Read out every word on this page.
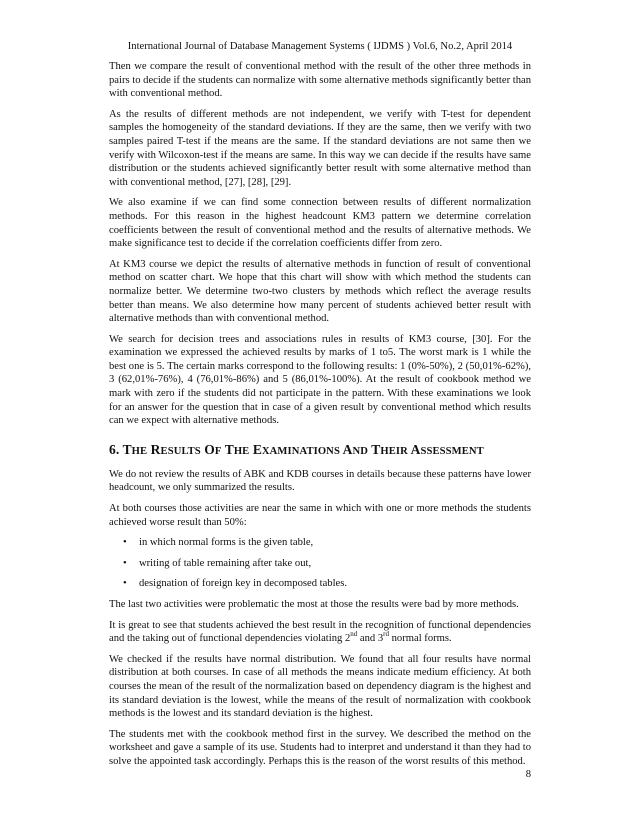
International Journal of Database Management Systems ( IJDMS ) Vol.6, No.2, April 2014

Then we compare the result of conventional method with the result of the other three methods in pairs to decide if the students can normalize with some alternative methods significantly better than with conventional method.

As the results of different methods are not independent, we verify with T-test for dependent samples the homogeneity of the standard deviations. If they are the same, then we verify with two samples paired T-test if the means are the same. If the standard deviations are not same then we verify with Wilcoxon-test if the means are same. In this way we can decide if the results have same distribution or the students achieved significantly better result with some alternative method than with conventional method, [27], [28], [29].

We also examine if we can find some connection between results of different normalization methods. For this reason in the highest headcount KM3 pattern we determine correlation coefficients between the result of conventional method and the results of alternative methods. We make significance test to decide if the correlation coefficients differ from zero.

At KM3 course we depict the results of alternative methods in function of result of conventional method on scatter chart. We hope that this chart will show with which method the students can normalize better. We determine two-two clusters by methods which reflect the average results better than means. We also determine how many percent of students achieved better result with alternative methods than with conventional method.

We search for decision trees and associations rules in results of KM3 course, [30]. For the examination we expressed the achieved results by marks of 1 to5. The worst mark is 1 while the best one is 5. The certain marks correspond to the following results: 1 (0%-50%), 2 (50,01%-62%), 3 (62,01%-76%), 4 (76,01%-86%) and 5 (86,01%-100%). At the result of cookbook method we mark with zero if the students did not participate in the pattern. With these examinations we look for an answer for the question that in case of a given result by conventional method which results can we expect with alternative methods.

6. THE RESULTS OF THE EXAMINATIONS AND THEIR ASSESSMENT

We do not review the results of ABK and KDB courses in details because these patterns have lower headcount, we only summarized the results.

At both courses those activities are near the same in which with one or more methods the students achieved worse result than 50%:

• in which normal forms is the given table,
• writing of table remaining after take out,
• designation of foreign key in decomposed tables.

The last two activities were problematic the most at those the results were bad by more methods.

It is great to see that students achieved the best result in the recognition of functional dependencies and the taking out of functional dependencies violating 2nd and 3rd normal forms.

We checked if the results have normal distribution. We found that all four results have normal distribution at both courses. In case of all methods the means indicate medium efficiency. At both courses the mean of the result of the normalization based on dependency diagram is the highest and its standard deviation is the lowest, while the means of the result of normalization with cookbook methods is the lowest and its standard deviation is the highest.

The students met with the cookbook method first in the survey. We described the method on the worksheet and gave a sample of its use. Students had to interpret and understand it than they had to solve the appointed task accordingly. Perhaps this is the reason of the worst results of this method.

8
